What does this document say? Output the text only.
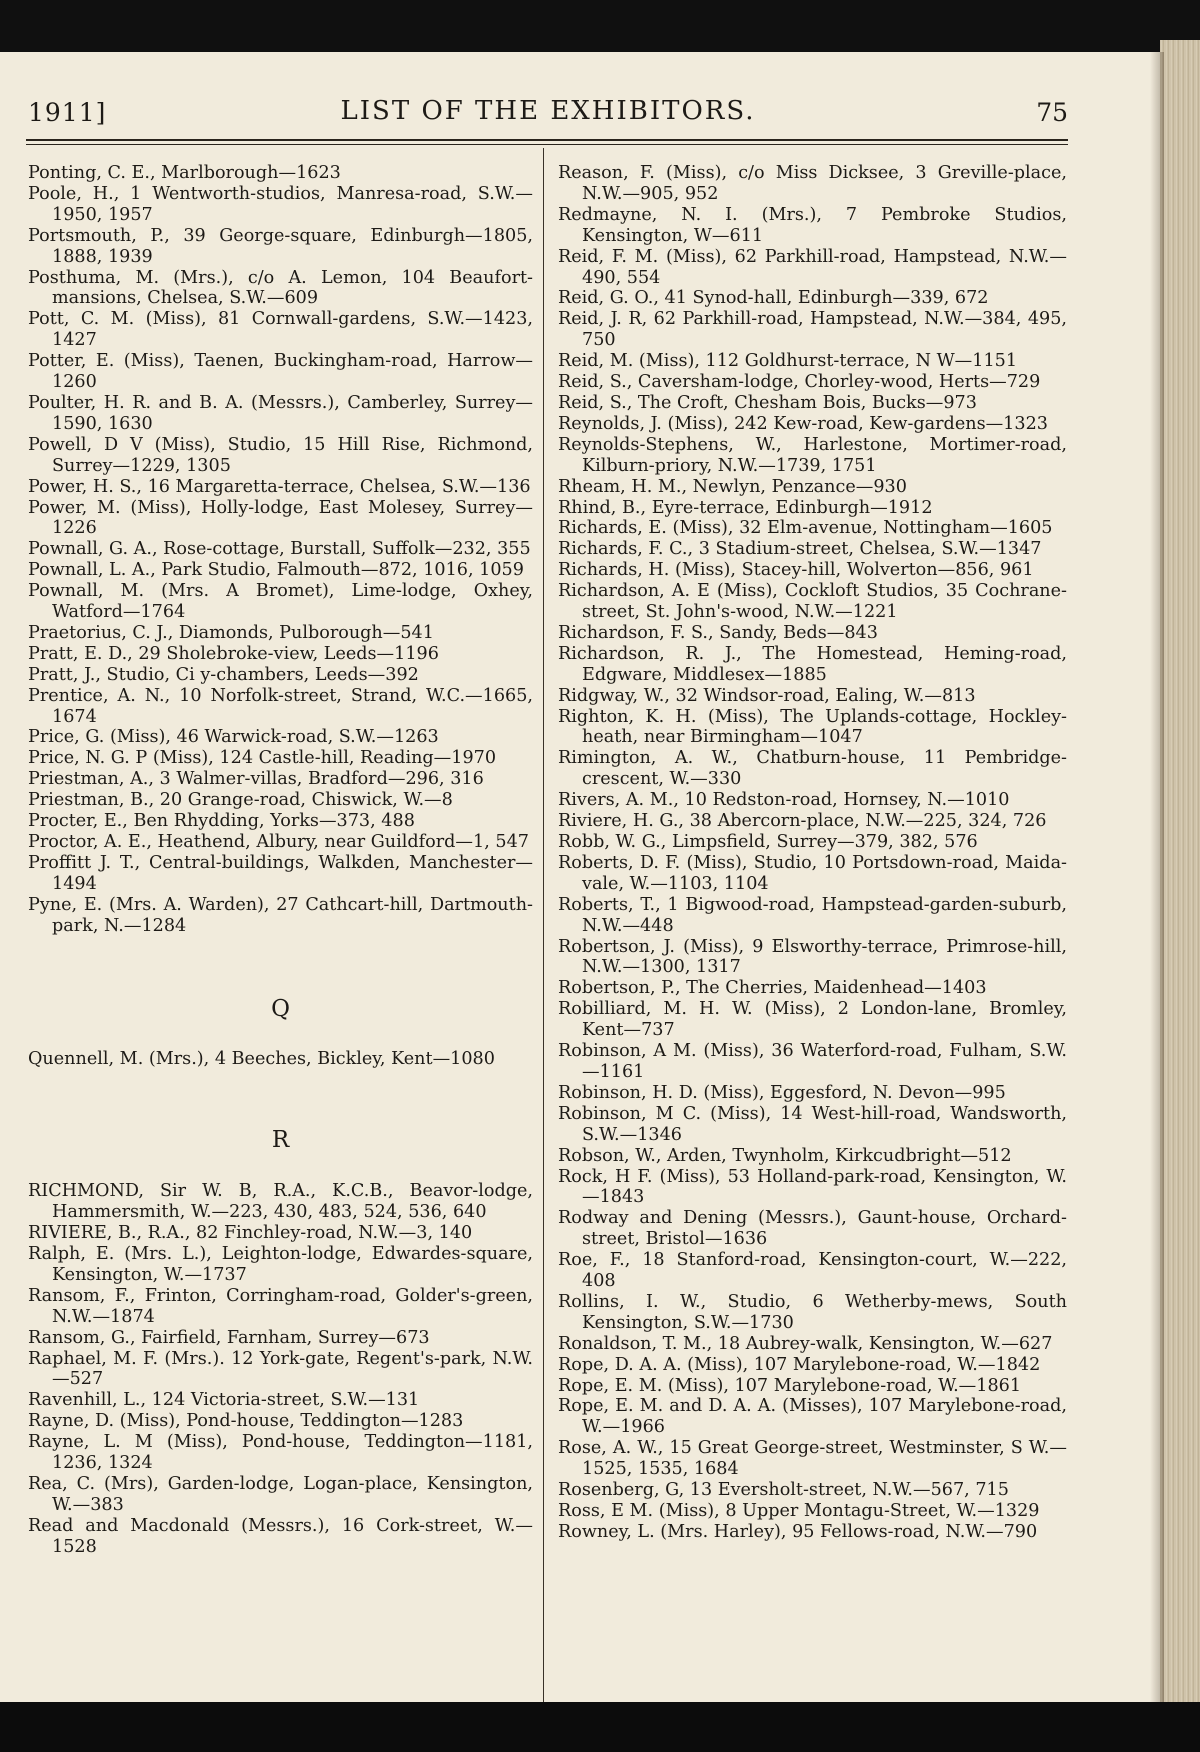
1911]	LIST OF THE EXHIBITORS.	75
Ponting, C. E., Marlborough—1623
Poole, H., 1 Wentworth-studios, Manresa-road, S.W.—1950, 1957
Portsmouth, P., 39 George-square, Edinburgh—1805, 1888, 1939
Posthuma, M. (Mrs.), c/o A. Lemon, 104 Beaufort-mansions, Chelsea, S.W.—609
Pott, C. M. (Miss), 81 Cornwall-gardens, S.W.—1423, 1427
Potter, E. (Miss), Taenen, Buckingham-road, Harrow—1260
Poulter, H. R. and B. A. (Messrs.), Camberley, Surrey—1590, 1630
Powell, D V (Miss), Studio, 15 Hill Rise, Richmond, Surrey—1229, 1305
Power, H. S., 16 Margaretta-terrace, Chelsea, S.W.—136
Power, M. (Miss), Holly-lodge, East Molesey, Surrey—1226
Pownall, G. A., Rose-cottage, Burstall, Suffolk—232, 355
Pownall, L. A., Park Studio, Falmouth—872, 1016, 1059
Pownall, M. (Mrs. A Bromet), Lime-lodge, Oxhey, Watford—1764
Praetorius, C. J., Diamonds, Pulborough—541
Pratt, E. D., 29 Sholebroke-view, Leeds—1196
Pratt, J., Studio, Ci y-chambers, Leeds—392
Prentice, A. N., 10 Norfolk-street, Strand, W.C.—1665, 1674
Price, G. (Miss), 46 Warwick-road, S.W.—1263
Price, N. G. P (Miss), 124 Castle-hill, Reading—1970
Priestman, A., 3 Walmer-villas, Bradford—296, 316
Priestman, B., 20 Grange-road, Chiswick, W.—8
Procter, E., Ben Rhydding, Yorks—373, 488
Proctor, A. E., Heathend, Albury, near Guildford—1, 547
Proffitt J. T., Central-buildings, Walkden, Manchester—1494
Pyne, E. (Mrs. A. Warden), 27 Cathcart-hill, Dartmouth-park, N.—1284
Q
Quennell, M. (Mrs.), 4 Beeches, Bickley, Kent—1080
R
RICHMOND, Sir W. B, R.A., K.C.B., Beavor-lodge, Hammersmith, W.—223, 430, 483, 524, 536, 640
RIVIERE, B., R.A., 82 Finchley-road, N.W.—3, 140
Ralph, E. (Mrs. L.), Leighton-lodge, Edwardes-square, Kensington, W.—1737
Ransom, F., Frinton, Corringham-road, Golder's-green, N.W.—1874
Ransom, G., Fairfield, Farnham, Surrey—673
Raphael, M. F. (Mrs.). 12 York-gate, Regent's-park, N.W.—527
Ravenhill, L., 124 Victoria-street, S.W.—131
Rayne, D. (Miss), Pond-house, Teddington—1283
Rayne, L. M (Miss), Pond-house, Teddington—1181, 1236, 1324
Rea, C. (Mrs), Garden-lodge, Logan-place, Kensington, W.—383
Read and Macdonald (Messrs.), 16 Cork-street, W.—1528
Reason, F. (Miss), c/o Miss Dicksee, 3 Greville-place, N.W.—905, 952
Redmayne, N. I. (Mrs.), 7 Pembroke Studios, Kensington, W—611
Reid, F. M. (Miss), 62 Parkhill-road, Hampstead, N.W.—490, 554
Reid, G. O., 41 Synod-hall, Edinburgh—339, 672
Reid, J. R, 62 Parkhill-road, Hampstead, N.W.—384, 495, 750
Reid, M. (Miss), 112 Goldhurst-terrace, N W—1151
Reid, S., Caversham-lodge, Chorley-wood, Herts—729
Reid, S., The Croft, Chesham Bois, Bucks—973
Reynolds, J. (Miss), 242 Kew-road, Kew-gardens—1323
Reynolds-Stephens, W., Harlestone, Mortimer-road, Kilburn-priory, N.W.—1739, 1751
Rheam, H. M., Newlyn, Penzance—930
Rhind, B., Eyre-terrace, Edinburgh—1912
Richards, E. (Miss), 32 Elm-avenue, Nottingham—1605
Richards, F. C., 3 Stadium-street, Chelsea, S.W.—1347
Richards, H. (Miss), Stacey-hill, Wolverton—856, 961
Richardson, A. E (Miss), Cockloft Studios, 35 Cochrane-street, St. John's-wood, N.W.—1221
Richardson, F. S., Sandy, Beds—843
Richardson, R. J., The Homestead, Heming-road, Edgware, Middlesex—1885
Ridgway, W., 32 Windsor-road, Ealing, W.—813
Righton, K. H. (Miss), The Uplands-cottage, Hockley-heath, near Birmingham—1047
Rimington, A. W., Chatburn-house, 11 Pembridge-crescent, W.—330
Rivers, A. M., 10 Redston-road, Hornsey, N.—1010
Riviere, H. G., 38 Abercorn-place, N.W.—225, 324, 726
Robb, W. G., Limpsfield, Surrey—379, 382, 576
Roberts, D. F. (Miss), Studio, 10 Portsdown-road, Maida-vale, W.—1103, 1104
Roberts, T., 1 Bigwood-road, Hampstead-garden-suburb, N.W.—448
Robertson, J. (Miss), 9 Elsworthy-terrace, Primrose-hill, N.W.—1300, 1317
Robertson, P., The Cherries, Maidenhead—1403
Robilliard, M. H. W. (Miss), 2 London-lane, Bromley, Kent—737
Robinson, A M. (Miss), 36 Waterford-road, Fulham, S.W.—1161
Robinson, H. D. (Miss), Eggesford, N. Devon—995
Robinson, M C. (Miss), 14 West-hill-road, Wandsworth, S.W.—1346
Robson, W., Arden, Twynholm, Kirkcudbright—512
Rock, H F. (Miss), 53 Holland-park-road, Kensington, W.—1843
Rodway and Dening (Messrs.), Gaunt-house, Orchard-street, Bristol—1636
Roe, F., 18 Stanford-road, Kensington-court, W.—222, 408
Rollins, I. W., Studio, 6 Wetherby-mews, South Kensington, S.W.—1730
Ronaldson, T. M., 18 Aubrey-walk, Kensington, W.—627
Rope, D. A. A. (Miss), 107 Marylebone-road, W.—1842
Rope, E. M. (Miss), 107 Marylebone-road, W.—1861
Rope, E. M. and D. A. A. (Misses), 107 Marylebone-road, W.—1966
Rose, A. W., 15 Great George-street, Westminster, S W.—1525, 1535, 1684
Rosenberg, G, 13 Eversholt-street, N.W.—567, 715
Ross, E M. (Miss), 8 Upper Montagu-Street, W.—1329
Rowney, L. (Mrs. Harley), 95 Fellows-road, N.W.—790
